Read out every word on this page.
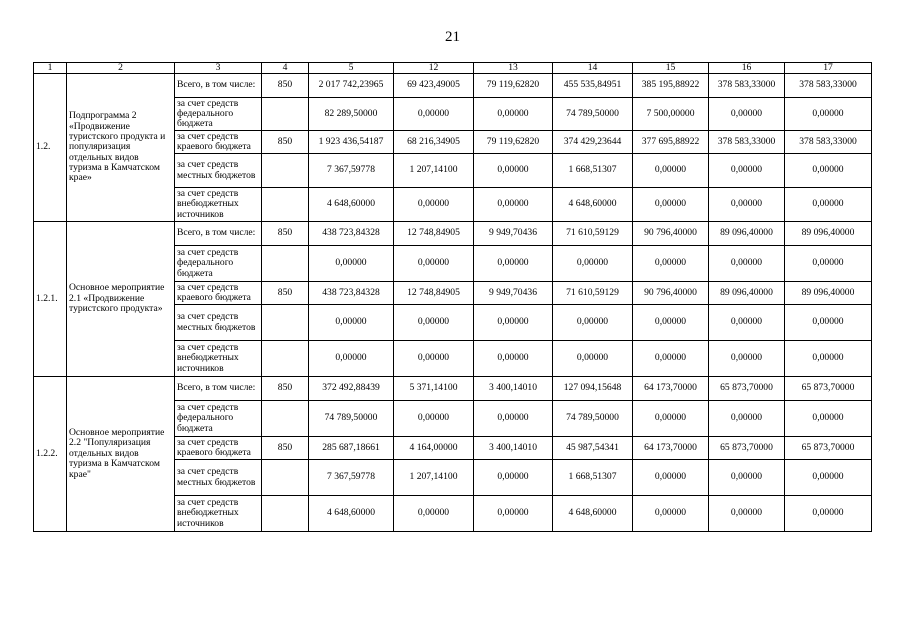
21
1	2	3	4	5	12	13	14	15	16	17
1.2.	Подпрограмма 2 «Продвижение туристского продукта и популяризация отдельных видов туризма в Камчатском крае»	Всего, в том числе:	850	2 017 742,23965	69 423,49005	79 119,62820	455 535,84951	385 195,88922	378 583,33000	378 583,33000
		за счет средств федерального бюджета		82 289,50000	0,00000	0,00000	74 789,50000	7 500,00000	0,00000	0,00000
		за счет средств краевого бюджета	850	1 923 436,54187	68 216,34905	79 119,62820	374 429,23644	377 695,88922	378 583,33000	378 583,33000
		за счет средств местных бюджетов		7 367,59778	1 207,14100	0,00000	1 668,51307	0,00000	0,00000	0,00000
		за счет средств внебюджетных источников		4 648,60000	0,00000	0,00000	4 648,60000	0,00000	0,00000	0,00000
1.2.1.	Основное мероприятие 2.1 «Продвижение туристского продукта»	Всего, в том числе:	850	438 723,84328	12 748,84905	9 949,70436	71 610,59129	90 796,40000	89 096,40000	89 096,40000
		за счет средств федерального бюджета		0,00000	0,00000	0,00000	0,00000	0,00000	0,00000	0,00000
		за счет средств краевого бюджета	850	438 723,84328	12 748,84905	9 949,70436	71 610,59129	90 796,40000	89 096,40000	89 096,40000
		за счет средств местных бюджетов		0,00000	0,00000	0,00000	0,00000	0,00000	0,00000	0,00000
		за счет средств внебюджетных источников		0,00000	0,00000	0,00000	0,00000	0,00000	0,00000	0,00000
1.2.2.	Основное мероприятие 2.2 "Популяризация отдельных видов туризма в Камчатском крае"	Всего, в том числе:	850	372 492,88439	5 371,14100	3 400,14010	127 094,15648	64 173,70000	65 873,70000	65 873,70000
		за счет средств федерального бюджета		74 789,50000	0,00000	0,00000	74 789,50000	0,00000	0,00000	0,00000
		за счет средств краевого бюджета	850	285 687,18661	4 164,00000	3 400,14010	45 987,54341	64 173,70000	65 873,70000	65 873,70000
		за счет средств местных бюджетов		7 367,59778	1 207,14100	0,00000	1 668,51307	0,00000	0,00000	0,00000
		за счет средств внебюджетных источников		4 648,60000	0,00000	0,00000	4 648,60000	0,00000	0,00000	0,00000
